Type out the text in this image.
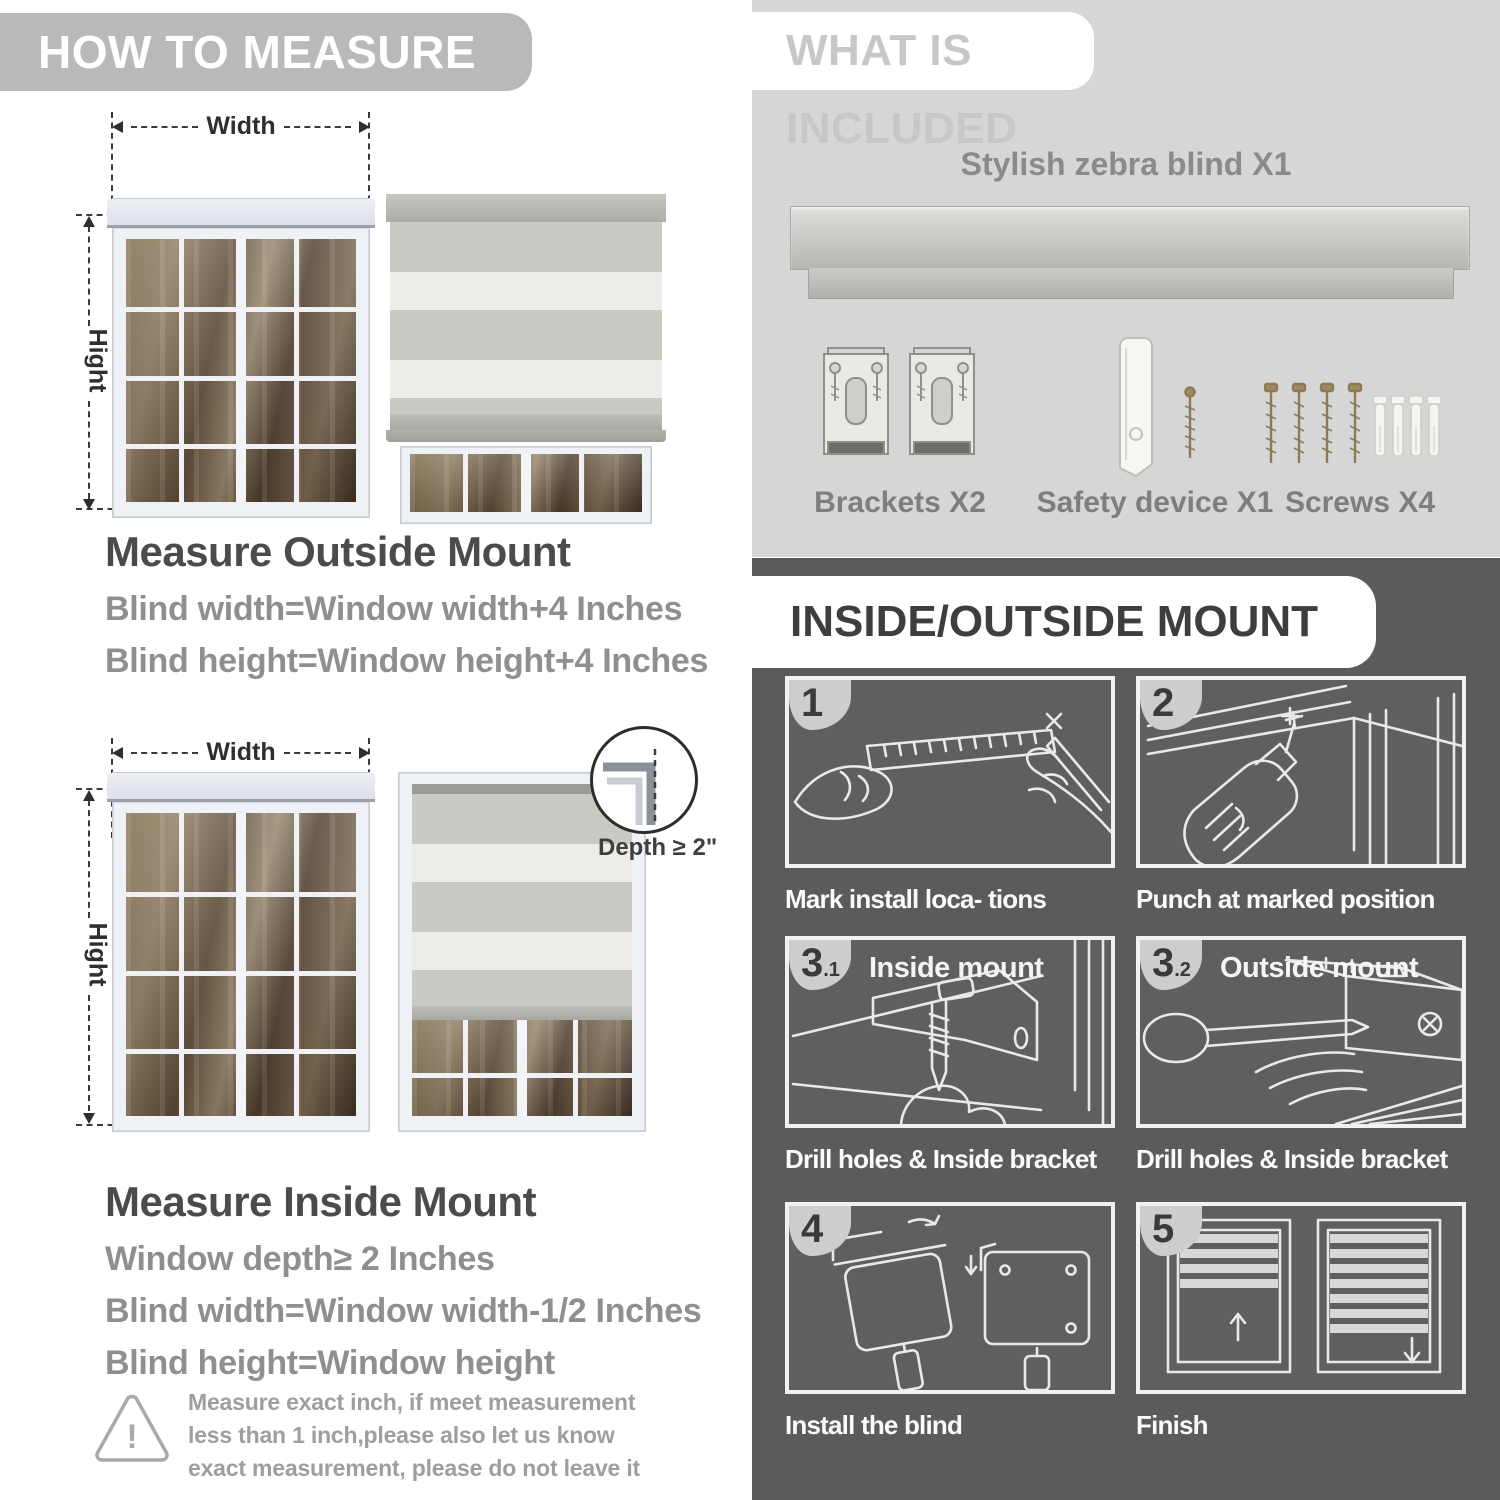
HOW TO MEASURE
Width
Hight
Measure Outside Mount
Blind width=Window width+4 Inches
Blind height=Window height+4 Inches
Width
Hight
Depth ≥ 2"
Measure Inside Mount
Window depth≥ 2 Inches
Blind width=Window width-1/2 Inches
Blind height=Window height
!
Measure exact inch, if meet measurement less than 1 inch,please also let us know exact measurement, please do not leave it
WHAT IS INCLUDED
Stylish zebra blind X1
Brackets X2	Safety device X1 Screws X4
INSIDE/OUTSIDE MOUNT
1
Mark install loca- tions
2
Punch at marked position
3.1 Inside mount
Drill holes & Inside bracket
3.2 Outside mount
Drill holes & Inside bracket
4
Install the blind
5
Finish
